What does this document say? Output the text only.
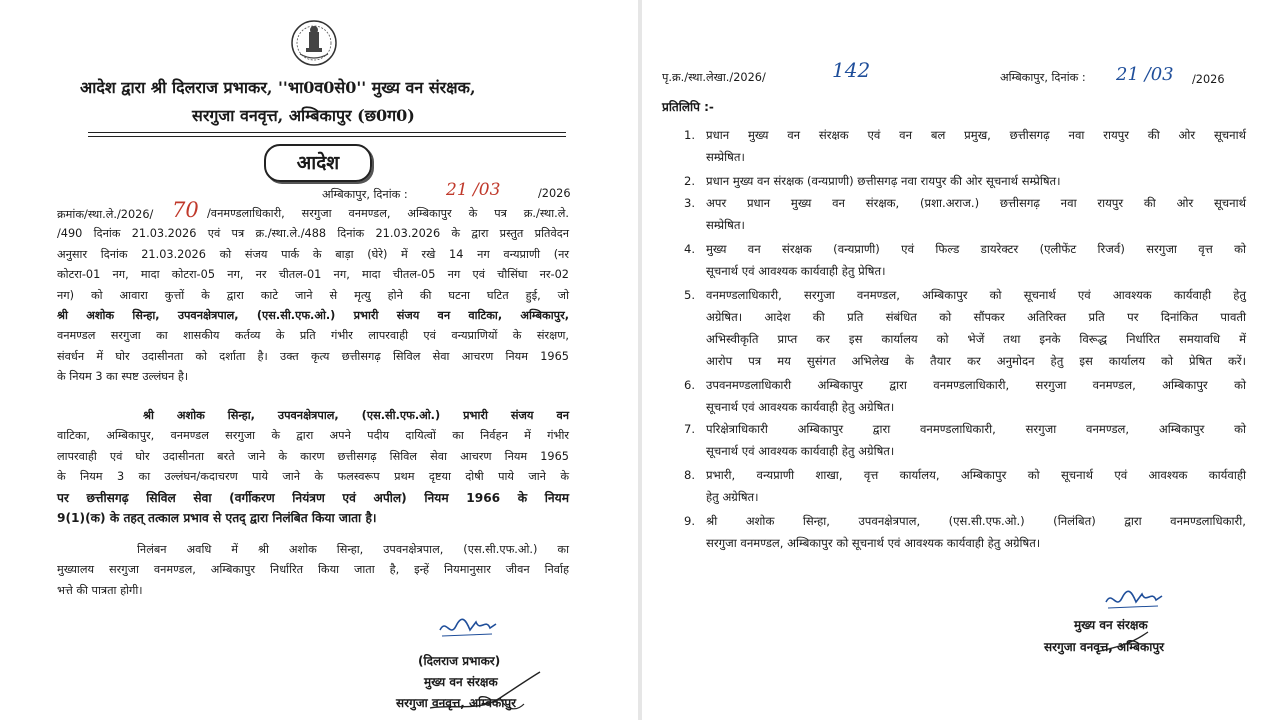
आदेश द्वारा श्री दिलराज प्रभाकर, ''भा0व0से0'' मुख्य वन संरक्षक,
सरगुजा वनवृत्त, अम्बिकापुर (छ0ग0)
आदेश
अम्बिकापुर, दिनांक : 21 /03	/2026
क्रमांक/स्था.ले./2026/ 70 /वनमण्डलाधिकारी, सरगुजा वनमण्डल, अम्बिकापुर के पत्र क्र./स्था.ले.
/490 दिनांक 21.03.2026 एवं पत्र क्र./स्था.ले./488 दिनांक 21.03.2026 के द्वारा प्रस्तुत प्रतिवेदन
अनुसार दिनांक 21.03.2026 को संजय पार्क के बाड़ा (घेरे) में रखे 14 नग वन्यप्राणी (नर
कोटरा-01 नग, मादा कोटरा-05 नग, नर चीतल-01 नग, मादा चीतल-05 नग एवं चौसिंघा नर-02
नग) को आवारा कुत्तों के द्वारा काटे जाने से मृत्यु होने की घटना घटित हुई, जो
श्री अशोक सिन्हा, उपवनक्षेत्रपाल, (एस.सी.एफ.ओ.) प्रभारी संजय वन वाटिका, अम्बिकापुर,
वनमण्डल सरगुजा का शासकीय कर्तव्य के प्रति गंभीर लापरवाही एवं वन्यप्राणियों के संरक्षण,
संवर्धन में घोर उदासीनता को दर्शाता है। उक्त कृत्य छत्तीसगढ़ सिविल सेवा आचरण नियम 1965
के नियम 3 का स्पष्ट उल्लंघन है।
श्री अशोक सिन्हा, उपवनक्षेत्रपाल, (एस.सी.एफ.ओ.) प्रभारी संजय वन
वाटिका, अम्बिकापुर, वनमण्डल सरगुजा के द्वारा अपने पदीय दायित्वों का निर्वहन में गंभीर
लापरवाही एवं घोर उदासीनता बरते जाने के कारण छत्तीसगढ़ सिविल सेवा आचरण नियम 1965
के नियम 3 का उल्लंघन/कदाचरण पाये जाने के फलस्वरूप प्रथम दृष्टया दोषी पाये जाने के
पर छत्तीसगढ़ सिविल सेवा (वर्गीकरण नियंत्रण एवं अपील) नियम 1966 के नियम
9(1)(क) के तहत् तत्काल प्रभाव से एतद् द्वारा निलंबित किया जाता है।
निलंबन अवधि में श्री अशोक सिन्हा, उपवनक्षेत्रपाल, (एस.सी.एफ.ओ.) का
मुख्यालय सरगुजा वनमण्डल, अम्बिकापुर निर्धारित किया जाता है, इन्हें नियमानुसार जीवन निर्वाह
भत्ते की पात्रता होगी।
(दिलराज प्रभाकर)
मुख्य वन संरक्षक
सरगुजा वनवृत्त, अम्बिकापुर
पृ.क्र./स्था.लेखा./2026/	142	अम्बिकापुर, दिनांक : 21 /03 /2026
प्रतिलिपि :-
1. प्रधान मुख्य वन संरक्षक एवं वन बल प्रमुख, छत्तीसगढ़ नवा रायपुर की ओर सूचनार्थ
सम्प्रेषित।
2. प्रधान मुख्य वन संरक्षक (वन्यप्राणी) छत्तीसगढ़ नवा रायपुर की ओर सूचनार्थ सम्प्रेषित।
3. अपर प्रधान मुख्य वन संरक्षक, (प्रशा.अराज.) छत्तीसगढ़ नवा रायपुर की ओर सूचनार्थ
सम्प्रेषित।
4. मुख्य वन संरक्षक (वन्यप्राणी) एवं फिल्ड डायरेक्टर (एलीफेंट रिजर्व) सरगुजा वृत्त को
सूचनार्थ एवं आवश्यक कार्यवाही हेतु प्रेषित।
5. वनमण्डलाधिकारी, सरगुजा वनमण्डल, अम्बिकापुर को सूचनार्थ एवं आवश्यक कार्यवाही हेतु
अग्रेषित। आदेश की प्रति संबंधित को सौंपकर अतिरिक्त प्रति पर दिनांकित पावती
अभिस्वीकृति प्राप्त कर इस कार्यालय को भेजें तथा इनके विरूद्ध निर्धारित समयावधि में
आरोप पत्र मय सुसंगत अभिलेख के तैयार कर अनुमोदन हेतु इस कार्यालय को प्रेषित करें।
6. उपवनमण्डलाधिकारी अम्बिकापुर द्वारा वनमण्डलाधिकारी, सरगुजा वनमण्डल, अम्बिकापुर को
सूचनार्थ एवं आवश्यक कार्यवाही हेतु अग्रेषित।
7. परिक्षेत्राधिकारी अम्बिकापुर द्वारा वनमण्डलाधिकारी, सरगुजा वनमण्डल, अम्बिकापुर को
सूचनार्थ एवं आवश्यक कार्यवाही हेतु अग्रेषित।
8. प्रभारी, वन्यप्राणी शाखा, वृत्त कार्यालय, अम्बिकापुर को सूचनार्थ एवं आवश्यक कार्यवाही
हेतु अग्रेषित।
9. श्री अशोक सिन्हा, उपवनक्षेत्रपाल, (एस.सी.एफ.ओ.) (निलंबित) द्वारा वनमण्डलाधिकारी,
सरगुजा वनमण्डल, अम्बिकापुर को सूचनार्थ एवं आवश्यक कार्यवाही हेतु अग्रेषित।
मुख्य वन संरक्षक
सरगुजा वनवृत्त, अम्बिकापुर
